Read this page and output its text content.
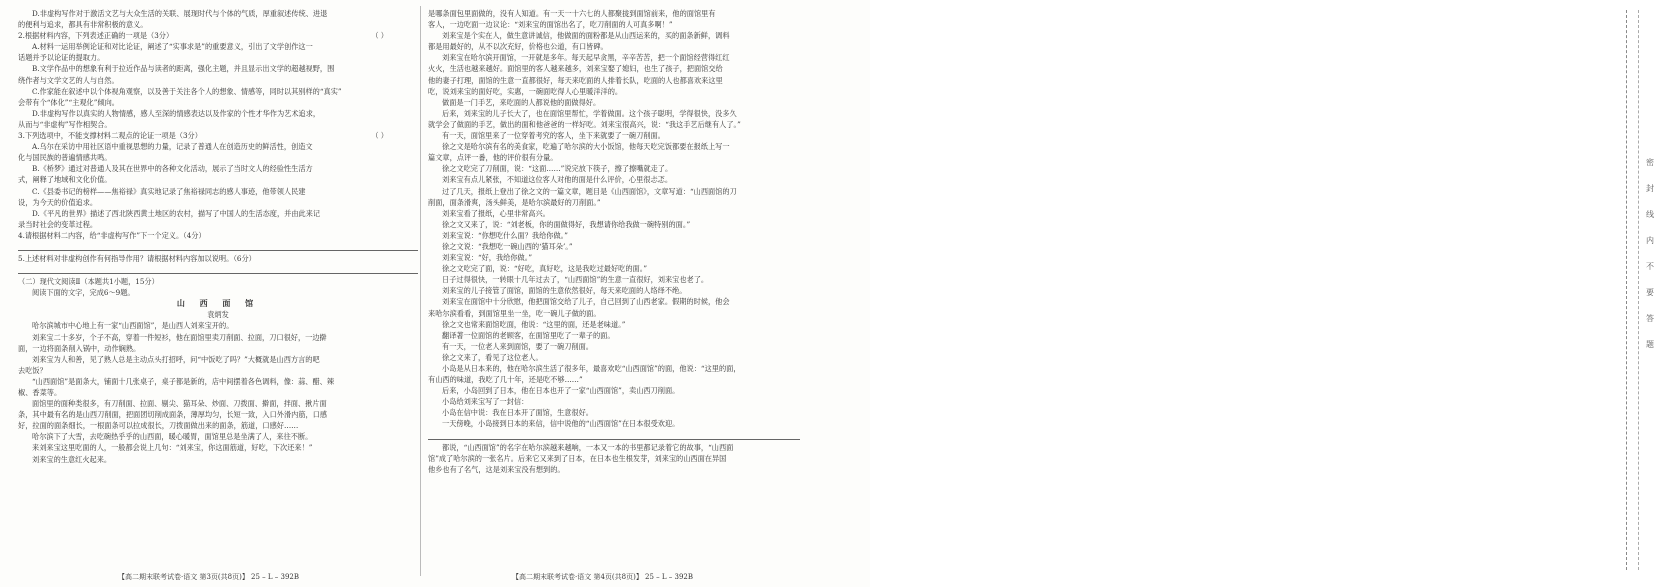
D.非虚构写作对于激活文艺与大众生活的关联、展现时代与个体的气质，厚重叙述传统、进退
的便利与追求，都具有非常积极的意义。
2.根据材料内容，下列表述正确的一项是（3分）	（ ）
A.材料一运用举例论证和对比论证，阐述了“实事求是”的重要意义，引出了文学创作这一
话题并予以论证的提取力。
B.文学作品中的想象有利于拉近作品与读者的距离，强化主题，并且显示出文学的超越视野，围
绕作者与文学文艺的人与自然。
C.作家能在叙述中以个体视角观察，以及善于关注各个人的想象、情感等，同时以其别样的“真实”
会带有个“体化”“主观化”倾向。
D.非虚构写作以真实的人物情感，感人至深的情感表达以及作家的个性才华作为艺术追求，
从而与“非虚构”写作相契合。
3.下列选项中，不能支撑材料二观点的论证一项是（3分）	（ ）
A.乌尔在采访中用社区语中重视思想的力量，记录了普通人在创造历史的鲜活性，创造文
化与国民族的普遍情感共鸣。
B.《桥梦》通过对普通人及其在世界中的各种文化活动，展示了当时文人的经验性生活方
式，阐释了地域和文化价值。
C.《县委书记的榜样——焦裕禄》真实地记录了焦裕禄同志的感人事迹，他带领人民建
设，为今天的价值追求。
D.《平凡的世界》描述了西北陕西黄土地区的农村，描写了中国人的生活态度，并由此来记
录当时社会的变革过程。
4.请根据材料二内容，给“非虚构写作”下一个定义。（4分）
5.上述材料对非虚构创作有何指导作用？请根据材料内容加以说明。（6分）
（二）现代文阅读Ⅱ（本题共1小题，15分）
阅读下面的文字，完成6～9题。
山 西 面 馆
袁炳发
哈尔滨城市中心地上有一家“山西面馆”，是山西人刘来宝开的。
刘来宝二十多岁，个子不高，穿着一件短衫，他在面馆里卖刀削面、拉面，刀口很好，一边擀
面，一边将面条削入锅中，动作娴熟。
刘来宝为人和善，见了熟人总是主动点头打招呼，问“中饭吃了吗？”大概就是山西方言的吧
去吃饭？
“山西面馆”是面条大，铺面十几张桌子，桌子都是新的，店中间摆着各色调料，像：蒜、醋、辣
椒、香菜等。
面馆里的面种类很多，有刀削面、拉面、剔尖、猫耳朵、炒面、刀拨面、擀面，拌面、揪片面
条，其中最有名的是山西刀削面，把面团切削成面条，薄厚均匀，长短一致，入口外滑内筋，口感
好，拉面的面条细长，一根面条可以拉成很长，刀拨面做出来的面条，筋道，口感好……
哈尔滨下了大雪，去吃碗热乎乎的山西面，暖心暖胃，面馆里总是坐满了人，来往不断。
来刘来宝这里吃面的人，一般都会说上几句：“刘来宝，你这面筋道，好吃，下次还来！”
刘来宝的生意红火起来。
是哪条面包里面做的，没有人知道。有一天一十六七的人都聚拢到面馆前来，他的面馆里有
客人，一边吃面一边议论：“刘来宝的面馆出名了，吃刀削面的人可真多啊！”
刘来宝是个实在人，做生意讲诚信，他做面的面粉都是从山西运来的，买的面条新鲜，调料
都是用最好的，从不以次充好，价格也公道，有口皆碑。
刘来宝在哈尔滨开面馆，一开就是多年。每天起早贪黑，辛辛苦苦，把一个面馆经营得红红
火火，生活也越来越好。面馆里的客人越来越多，刘来宝娶了媳妇，也生了孩子，把面馆交给
他的妻子打理，面馆的生意一直都很好，每天来吃面的人排着长队，吃面的人也都喜欢来这里
吃，说刘来宝的面好吃，实惠，一碗面吃得人心里暖洋洋的。
做面是一门手艺，来吃面的人都说他的面做得好。
后来，刘来宝的儿子长大了，也在面馆里帮忙，学着做面。这个孩子聪明，学得很快，没多久
就学会了做面的手艺，做出的面和他爸爸的一样好吃。刘来宝很高兴，说：“我这手艺后继有人了。”
有一天，面馆里来了一位穿着考究的客人，坐下来就要了一碗刀削面。
徐之文是哈尔滨有名的美食家，吃遍了哈尔滨的大小饭馆，他每天吃完饭都要在报纸上写一
篇文章，点评一番，他的评价很有分量。
徐之文吃完了刀削面，说：“这面……”说完放下筷子，擦了擦嘴就走了。
刘来宝有点儿紧张，不知道这位客人对他的面是什么评价，心里很忐忑。
过了几天，报纸上登出了徐之文的一篇文章，题目是《山西面馆》，文章写道：“山西面馆的刀
削面，面条滑爽，汤头鲜美，是哈尔滨最好的刀削面。”
刘来宝看了报纸，心里非常高兴。
徐之文又来了，说：“刘老板，你的面做得好，我想请你给我做一碗特别的面。”
刘来宝说：“你想吃什么面？我给你做。”
徐之文说：“我想吃一碗山西的‘猫耳朵’。”
刘来宝说：“好，我给你做。”
徐之文吃完了面，说：“好吃，真好吃，这是我吃过最好吃的面。”
日子过得很快，一转眼十几年过去了，“山西面馆”的生意一直很好，刘来宝也老了。
刘来宝的儿子接管了面馆，面馆的生意依然很好，每天来吃面的人络绎不绝。
刘来宝在面馆中十分欣慰，他把面馆交给了儿子，自己回到了山西老家。假期的时候，他会
来哈尔滨看看，到面馆里坐一坐，吃一碗儿子做的面。
徐之文也常来面馆吃面，他说：“这里的面，还是老味道。”
翻译著一位面馆的老顾客，在面馆里吃了一辈子的面。
有一天，一位老人来到面馆，要了一碗刀削面。
徐之文来了，看见了这位老人。
小岛是从日本来的，他在哈尔滨生活了很多年，最喜欢吃“山西面馆”的面，他说：“这里的面，
有山西的味道，我吃了几十年，还是吃不够……”
后来，小岛回到了日本，他在日本也开了一家“山西面馆”，卖山西刀削面。
小岛给刘来宝写了一封信：
小岛在信中说：我在日本开了面馆，生意很好。
一天傍晚，小岛接到日本的来信，信中说他的“山西面馆”在日本很受欢迎。
都说，“山西面馆”的名字在哈尔滨越来越响，一本又一本的书里都记录着它的故事，“山西面
馆”成了哈尔滨的一张名片。后来它又来到了日本，在日本也生根发芽，刘来宝的山西面在异国
他乡也有了名气，这是刘来宝没有想到的。
【高二期末联考试卷·语文 第3页(共8页)】 25 – L – 392B	【高二期末联考试卷·语文 第4页(共8页)】 25 – L – 392B
密
封
线
内
不
要
答
题
